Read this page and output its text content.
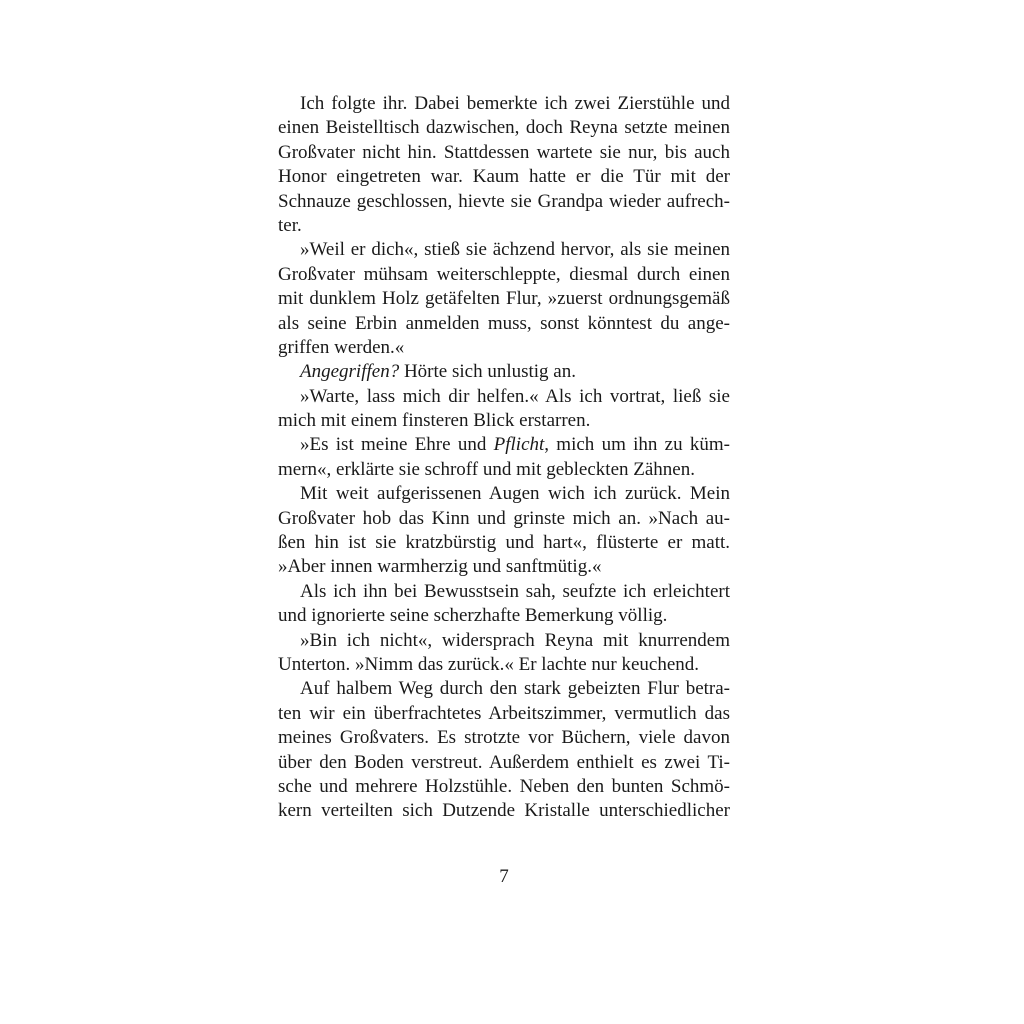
Ich folgte ihr. Dabei bemerkte ich zwei Zierstühle und
einen Beistelltisch dazwischen, doch Reyna setzte meinen
Großvater nicht hin. Stattdessen wartete sie nur, bis auch
Honor eingetreten war. Kaum hatte er die Tür mit der
Schnauze geschlossen, hievte sie Grandpa wieder aufrech-
ter.
»Weil er dich«, stieß sie ächzend hervor, als sie meinen
Großvater mühsam weiterschleppte, diesmal durch einen
mit dunklem Holz getäfelten Flur, »zuerst ordnungsgemäß
als seine Erbin anmelden muss, sonst könntest du ange-
griffen werden.«
Angegriffen? Hörte sich unlustig an.
»Warte, lass mich dir helfen.« Als ich vortrat, ließ sie
mich mit einem finsteren Blick erstarren.
»Es ist meine Ehre und Pflicht, mich um ihn zu küm-
mern«, erklärte sie schroff und mit gebleckten Zähnen.
Mit weit aufgerissenen Augen wich ich zurück. Mein
Großvater hob das Kinn und grinste mich an. »Nach au-
ßen hin ist sie kratzbürstig und hart«, flüsterte er matt.
»Aber innen warmherzig und sanftmütig.«
Als ich ihn bei Bewusstsein sah, seufzte ich erleichtert
und ignorierte seine scherzhafte Bemerkung völlig.
»Bin ich nicht«, widersprach Reyna mit knurrendem
Unterton. »Nimm das zurück.« Er lachte nur keuchend.
Auf halbem Weg durch den stark gebeizten Flur betra-
ten wir ein überfrachtetes Arbeitszimmer, vermutlich das
meines Großvaters. Es strotzte vor Büchern, viele davon
über den Boden verstreut. Außerdem enthielt es zwei Ti-
sche und mehrere Holzstühle. Neben den bunten Schmö-
kern verteilten sich Dutzende Kristalle unterschiedlicher
7
